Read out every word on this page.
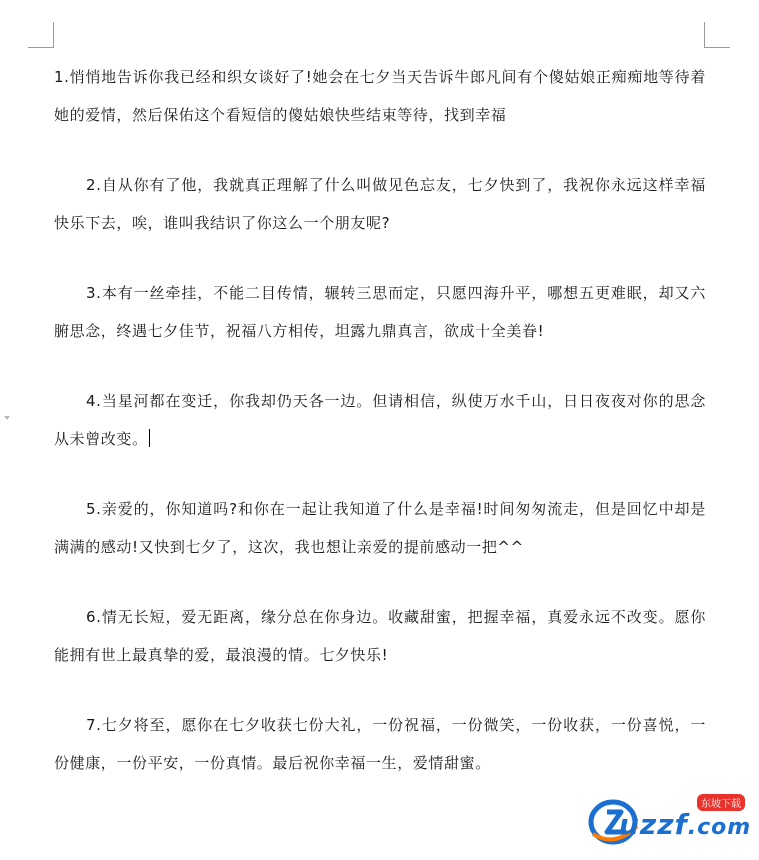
1.悄悄地告诉你我已经和织女谈好了!她会在七夕当天告诉牛郎凡间有个傻姑娘正痴痴地等待着她的爱情，然后保佑这个看短信的傻姑娘快些结束等待，找到幸福

2.自从你有了他，我就真正理解了什么叫做见色忘友，七夕快到了，我祝你永远这样幸福快乐下去，唉，谁叫我结识了你这么一个朋友呢?

3.本有一丝牵挂，不能二目传情，辗转三思而定，只愿四海升平，哪想五更难眠，却又六腑思念，终遇七夕佳节，祝福八方相传，坦露九鼎真言，欲成十全美眷!

4.当星河都在变迁，你我却仍天各一边。但请相信，纵使万水千山，日日夜夜对你的思念从未曾改变。

5.亲爱的，你知道吗?和你在一起让我知道了什么是幸福!时间匆匆流走，但是回忆中却是满满的感动!又快到七夕了，这次，我也想让亲爱的提前感动一把^^

6.情无长短，爱无距离，缘分总在你身边。收藏甜蜜，把握幸福，真爱永远不改变。愿你能拥有世上最真挚的爱，最浪漫的情。七夕快乐!

7.七夕将至，愿你在七夕收获七份大礼，一份祝福，一份微笑，一份收获，一份喜悦，一份健康，一份平安，一份真情。最后祝你幸福一生，爱情甜蜜。

uzzf.com
东坡下载
